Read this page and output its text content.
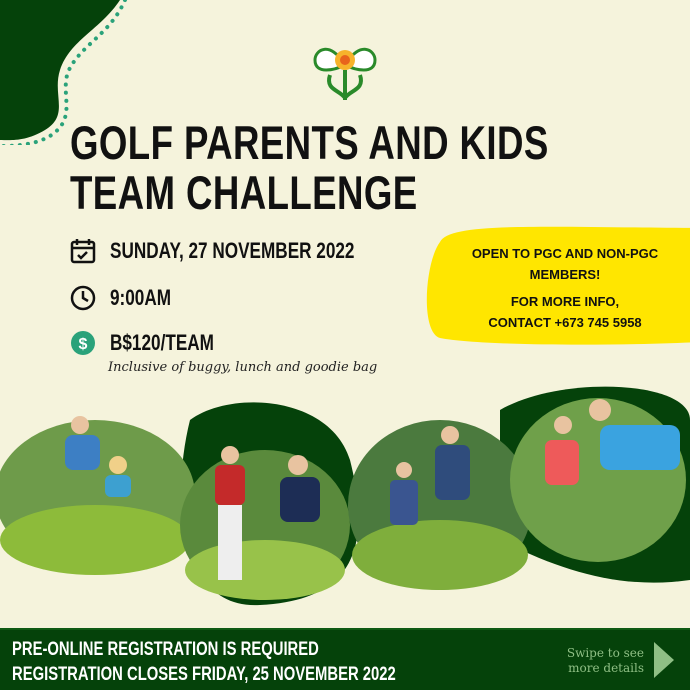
GOLF PARENTS AND KIDS
TEAM CHALLENGE
SUNDAY, 27 NOVEMBER 2022
9:00AM
$ B$120/TEAM
Inclusive of buggy, lunch and goodie bag
OPEN TO PGC AND NON-PGC
MEMBERS!
FOR MORE INFO,
CONTACT +673 745 5958
PRE-ONLINE REGISTRATION IS REQUIRED
REGISTRATION CLOSES FRIDAY, 25 NOVEMBER 2022
Swipe to see
more details
